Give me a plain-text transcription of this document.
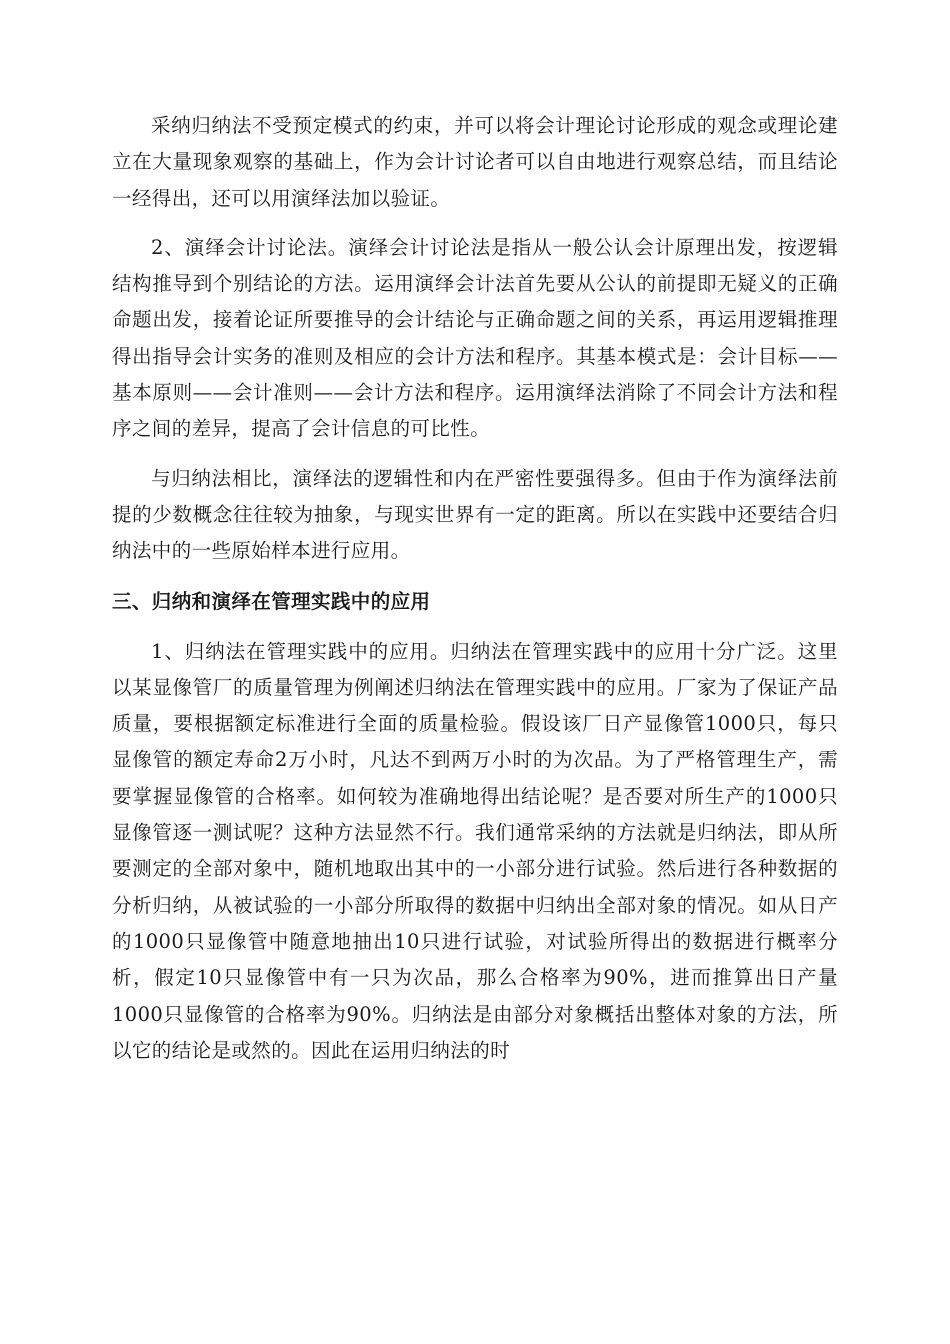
采纳归纳法不受预定模式的约束，并可以将会计理论讨论形成的观念或理论建立在大量现象观察的基础上，作为会计讨论者可以自由地进行观察总结，而且结论一经得出，还可以用演绎法加以验证。

2、演绎会计讨论法。演绎会计讨论法是指从一般公认会计原理出发，按逻辑结构推导到个别结论的方法。运用演绎会计法首先要从公认的前提即无疑义的正确命题出发，接着论证所要推导的会计结论与正确命题之间的关系，再运用逻辑推理得出指导会计实务的准则及相应的会计方法和程序。其基本模式是：会计目标——基本原则——会计准则——会计方法和程序。运用演绎法消除了不同会计方法和程序之间的差异，提高了会计信息的可比性。

与归纳法相比，演绎法的逻辑性和内在严密性要强得多。但由于作为演绎法前提的少数概念往往较为抽象，与现实世界有一定的距离。所以在实践中还要结合归纳法中的一些原始样本进行应用。

三、归纳和演绎在管理实践中的应用

1、归纳法在管理实践中的应用。归纳法在管理实践中的应用十分广泛。这里以某显像管厂的质量管理为例阐述归纳法在管理实践中的应用。厂家为了保证产品质量，要根据额定标准进行全面的质量检验。假设该厂日产显像管1000只，每只显像管的额定寿命2万小时，凡达不到两万小时的为次品。为了严格管理生产，需要掌握显像管的合格率。如何较为准确地得出结论呢？是否要对所生产的1000只显像管逐一测试呢？这种方法显然不行。我们通常采纳的方法就是归纳法，即从所要测定的全部对象中，随机地取出其中的一小部分进行试验。然后进行各种数据的分析归纳，从被试验的一小部分所取得的数据中归纳出全部对象的情况。如从日产的1000只显像管中随意地抽出10只进行试验，对试验所得出的数据进行概率分析，假定10只显像管中有一只为次品，那么合格率为90%，进而推算出日产量1000只显像管的合格率为90%。归纳法是由部分对象概括出整体对象的方法，所以它的结论是或然的。因此在运用归纳法的时
